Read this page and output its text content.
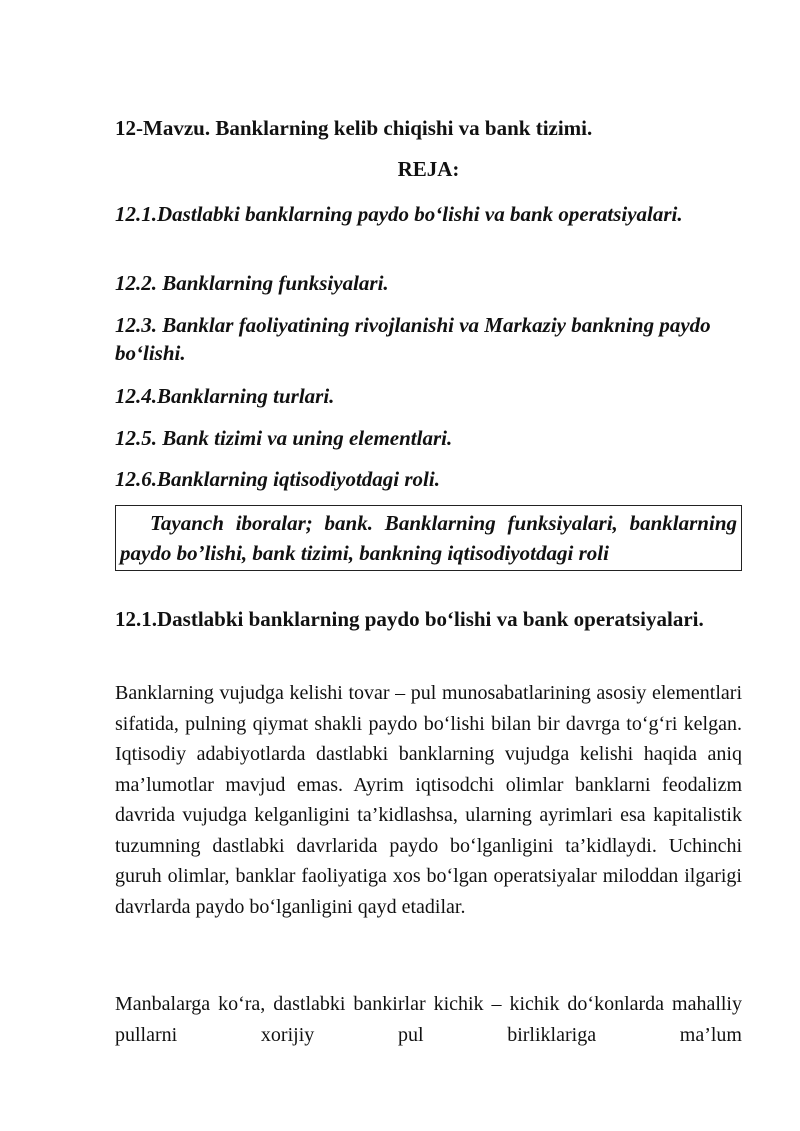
12-Mavzu. Banklarning kelib chiqishi va bank tizimi.
REJA:
12.1.Dastlabki banklarning paydo bo‘lishi va bank operatsiyalari.
12.2. Banklarning funksiyalari.
12.3. Banklar faoliyatining rivojlanishi va Markaziy bankning paydo bo‘lishi.
12.4.Banklarning turlari.
12.5. Bank tizimi va uning elementlari.
12.6.Banklarning iqtisodiyotdagi roli.
Tayanch iboralar; bank. Banklarning funksiyalari, banklarning paydo bo’lishi, bank tizimi, bankning iqtisodiyotdagi roli
12.1.Dastlabki banklarning paydo bo‘lishi va bank operatsiyalari.
Banklarning vujudga kelishi tovar – pul munosabatlarining asosiy elementlari sifatida, pulning qiymat shakli paydo bo‘lishi bilan bir davrga to‘g‘ri kelgan. Iqtisodiy adabiyotlarda dastlabki banklarning vujudga kelishi haqida aniq ma’lumotlar mavjud emas. Ayrim iqtisodchi olimlar banklarni feodalizm davrida vujudga kelganligini ta’kidlashsa, ularning ayrimlari esa kapitalistik tuzumning dastlabki davrlarida paydo bo‘lganligini ta’kidlaydi. Uchinchi guruh olimlar, banklar faoliyatiga xos bo‘lgan operatsiyalar miloddan ilgarigi davrlarda paydo bo‘lganligini qayd etadilar.
Manbalarga ko‘ra, dastlabki bankirlar kichik – kichik do‘konlarda mahalliy pullarni xorijiy pul birliklariga ma’lum
